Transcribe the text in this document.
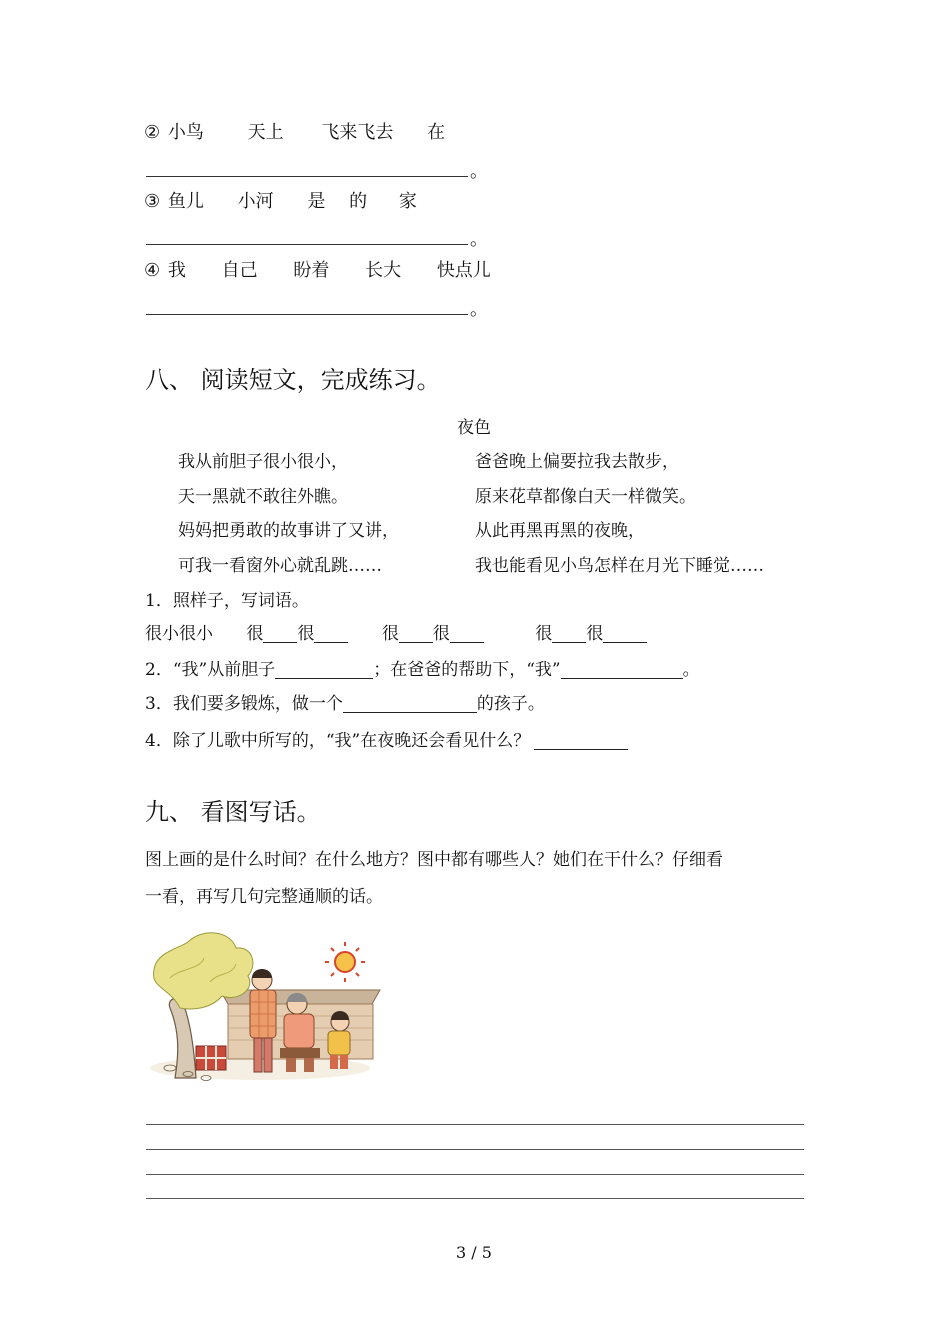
② 小鸟 天上 飞来飞去 在
。
③ 鱼儿 小河 是 的 家
。
④ 我 自己 盼着 长大 快点儿
。
八、 阅读短文，完成练习。
夜色
我从前胆子很小很小，
天一黑就不敢往外瞧。
妈妈把勇敢的故事讲了又讲，
可我一看窗外心就乱跳……
爸爸晚上偏要拉我去散步，
原来花草都像白天一样微笑。
从此再黑再黑的夜晚，
我也能看见小鸟怎样在月光下睡觉……
1．照样子，写词语。
很小很小 很 很	很 很	很 很
2．“我”从前胆子	；在爸爸的帮助下，“我”	。
3．我们要多锻炼，做一个	的孩子。
4．除了儿歌中所写的，“我”在夜晚还会看见什么？
九、 看图写话。
图上画的是什么时间？在什么地方？图中都有哪些人？她们在干什么？仔细看
一看，再写几句完整通顺的话。
3 / 5
